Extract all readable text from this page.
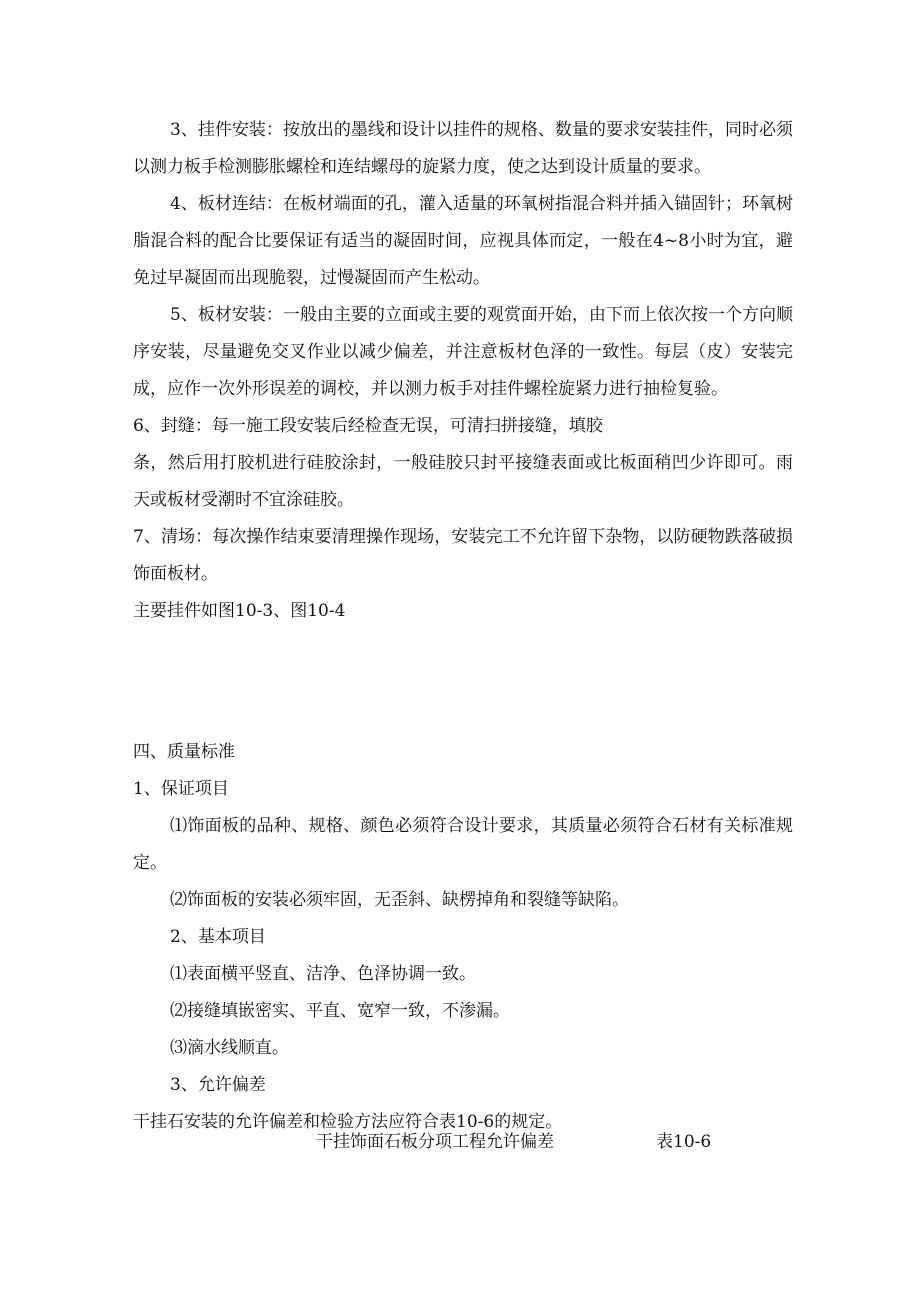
3、挂件安装：按放出的墨线和设计以挂件的规格、数量的要求安装挂件，同时必须以测力板手检测膨胀螺栓和连结螺母的旋紧力度，使之达到设计质量的要求。

4、板材连结：在板材端面的孔，灌入适量的环氧树指混合料并插入锚固针；环氧树脂混合料的配合比要保证有适当的凝固时间，应视具体而定，一般在4~8小时为宜，避免过早凝固而出现脆裂，过慢凝固而产生松动。

5、板材安装：一般由主要的立面或主要的观赏面开始，由下而上依次按一个方向顺序安装，尽量避免交叉作业以减少偏差，并注意板材色泽的一致性。每层（皮）安装完成，应作一次外形误差的调校，并以测力板手对挂件螺栓旋紧力进行抽检复验。

6、封缝：每一施工段安装后经检查无误，可清扫拼接缝，填胶

条，然后用打胶机进行硅胶涂封，一般硅胶只封平接缝表面或比板面稍凹少许即可。雨天或板材受潮时不宜涂硅胶。

7、清场：每次操作结束要清理操作现场，安装完工不允许留下杂物，以防硬物跌落破损饰面板材。

主要挂件如图10-3、图10-4

四、质量标准

1、保证项目

⑴饰面板的品种、规格、颜色必须符合设计要求，其质量必须符合石材有关标准规定。

⑵饰面板的安装必须牢固，无歪斜、缺楞掉角和裂缝等缺陷。

2、基本项目

⑴表面横平竖直、洁净、色泽协调一致。

⑵接缝填嵌密实、平直、宽窄一致，不渗漏。

⑶滴水线顺直。

3、允许偏差

干挂石安装的允许偏差和检验方法应符合表10-6的规定。

干挂饰面石板分项工程允许偏差	表10-6
